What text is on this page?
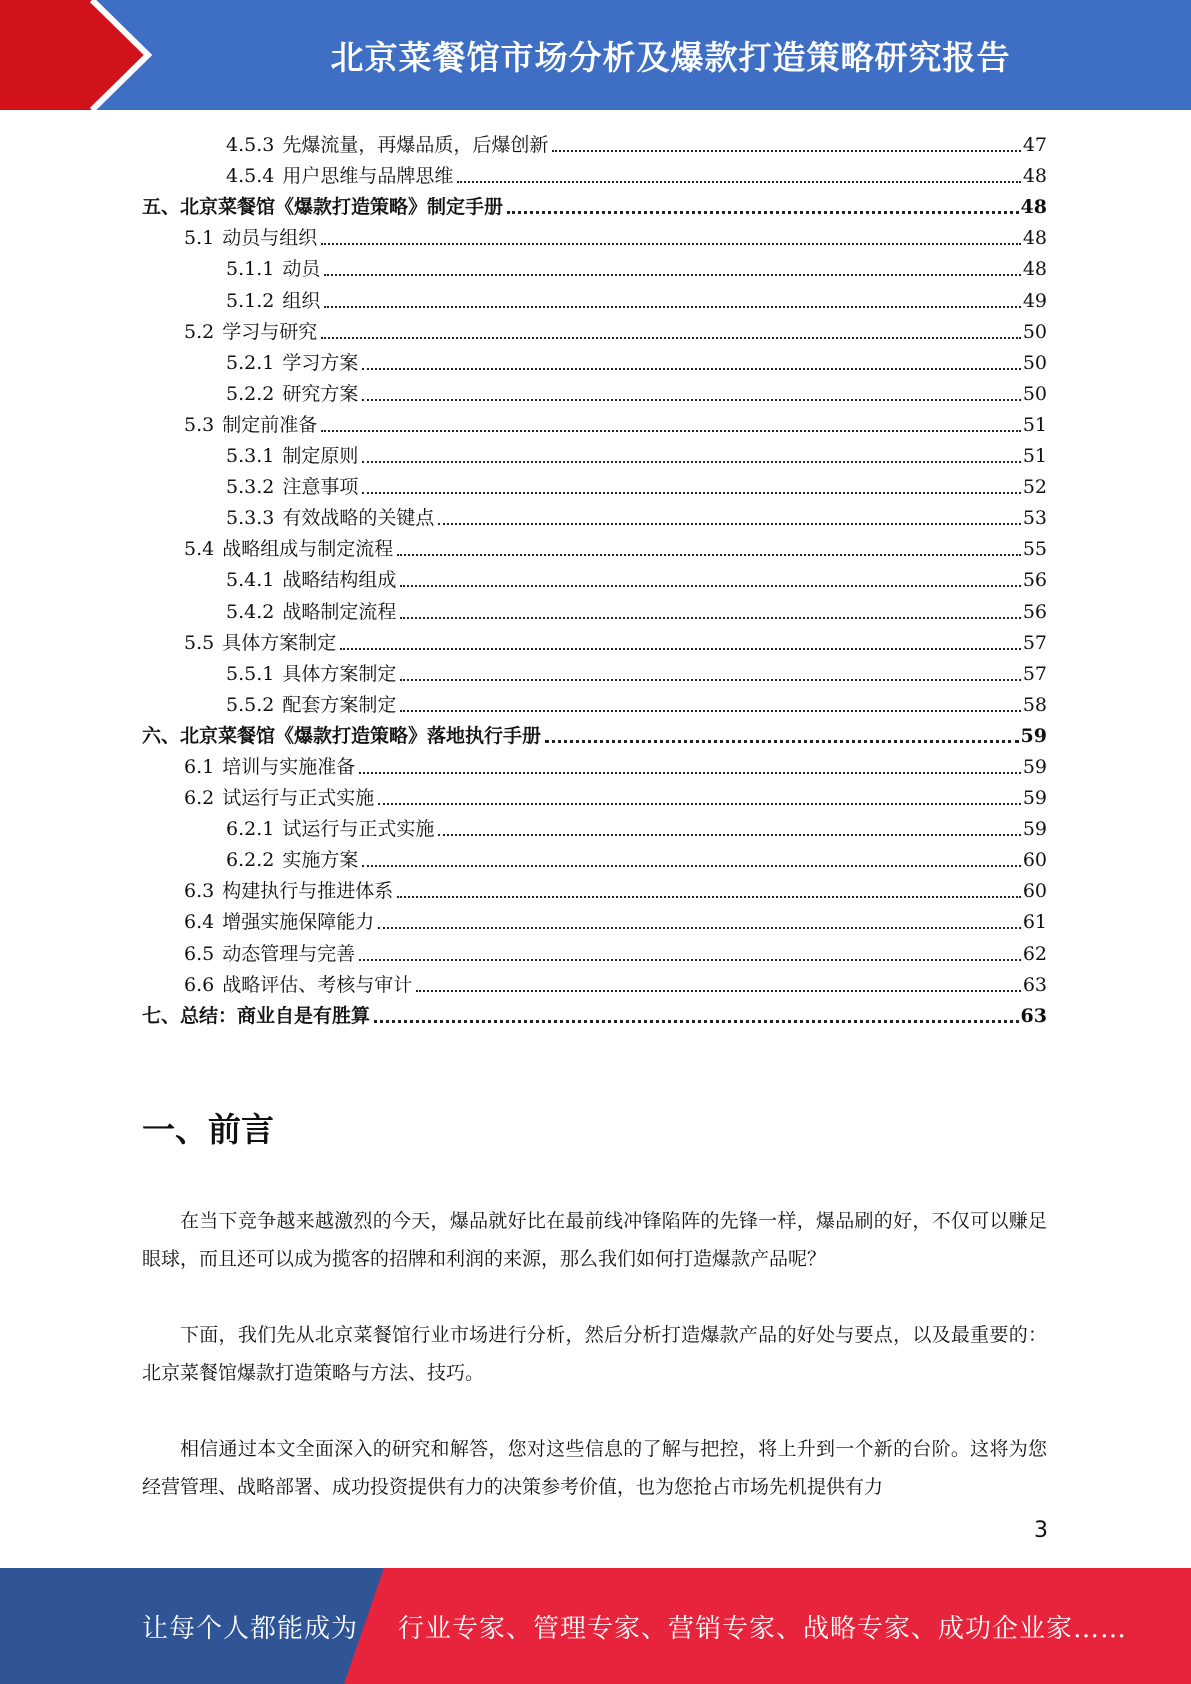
北京菜餐馆市场分析及爆款打造策略研究报告
4.5.3 先爆流量，再爆品质，后爆创新	47
4.5.4 用户思维与品牌思维	48
五、北京菜餐馆《爆款打造策略》制定手册	48
5.1 动员与组织	48
5.1.1 动员	48
5.1.2 组织	49
5.2 学习与研究	50
5.2.1 学习方案	50
5.2.2 研究方案	50
5.3 制定前准备	51
5.3.1 制定原则	51
5.3.2 注意事项	52
5.3.3 有效战略的关键点	53
5.4 战略组成与制定流程	55
5.4.1 战略结构组成	56
5.4.2 战略制定流程	56
5.5 具体方案制定	57
5.5.1 具体方案制定	57
5.5.2 配套方案制定	58
六、北京菜餐馆《爆款打造策略》落地执行手册	59
6.1 培训与实施准备	59
6.2 试运行与正式实施	59
6.2.1 试运行与正式实施	59
6.2.2 实施方案	60
6.3 构建执行与推进体系	60
6.4 增强实施保障能力	61
6.5 动态管理与完善	62
6.6 战略评估、考核与审计	63
七、总结：商业自是有胜算	63
一、前言

在当下竞争越来越激烈的今天，爆品就好比在最前线冲锋陷阵的先锋一样，爆品刷的好，不仅可以赚足眼球，而且还可以成为揽客的招牌和利润的来源，那么我们如何打造爆款产品呢？

下面，我们先从北京菜餐馆行业市场进行分析，然后分析打造爆款产品的好处与要点，以及最重要的：北京菜餐馆爆款打造策略与方法、技巧。

相信通过本文全面深入的研究和解答，您对这些信息的了解与把控，将上升到一个新的台阶。这将为您经营管理、战略部署、成功投资提供有力的决策参考价值，也为您抢占市场先机提供有力

3
让每个人都能成为 行业专家、管理专家、营销专家、战略专家、成功企业家……
